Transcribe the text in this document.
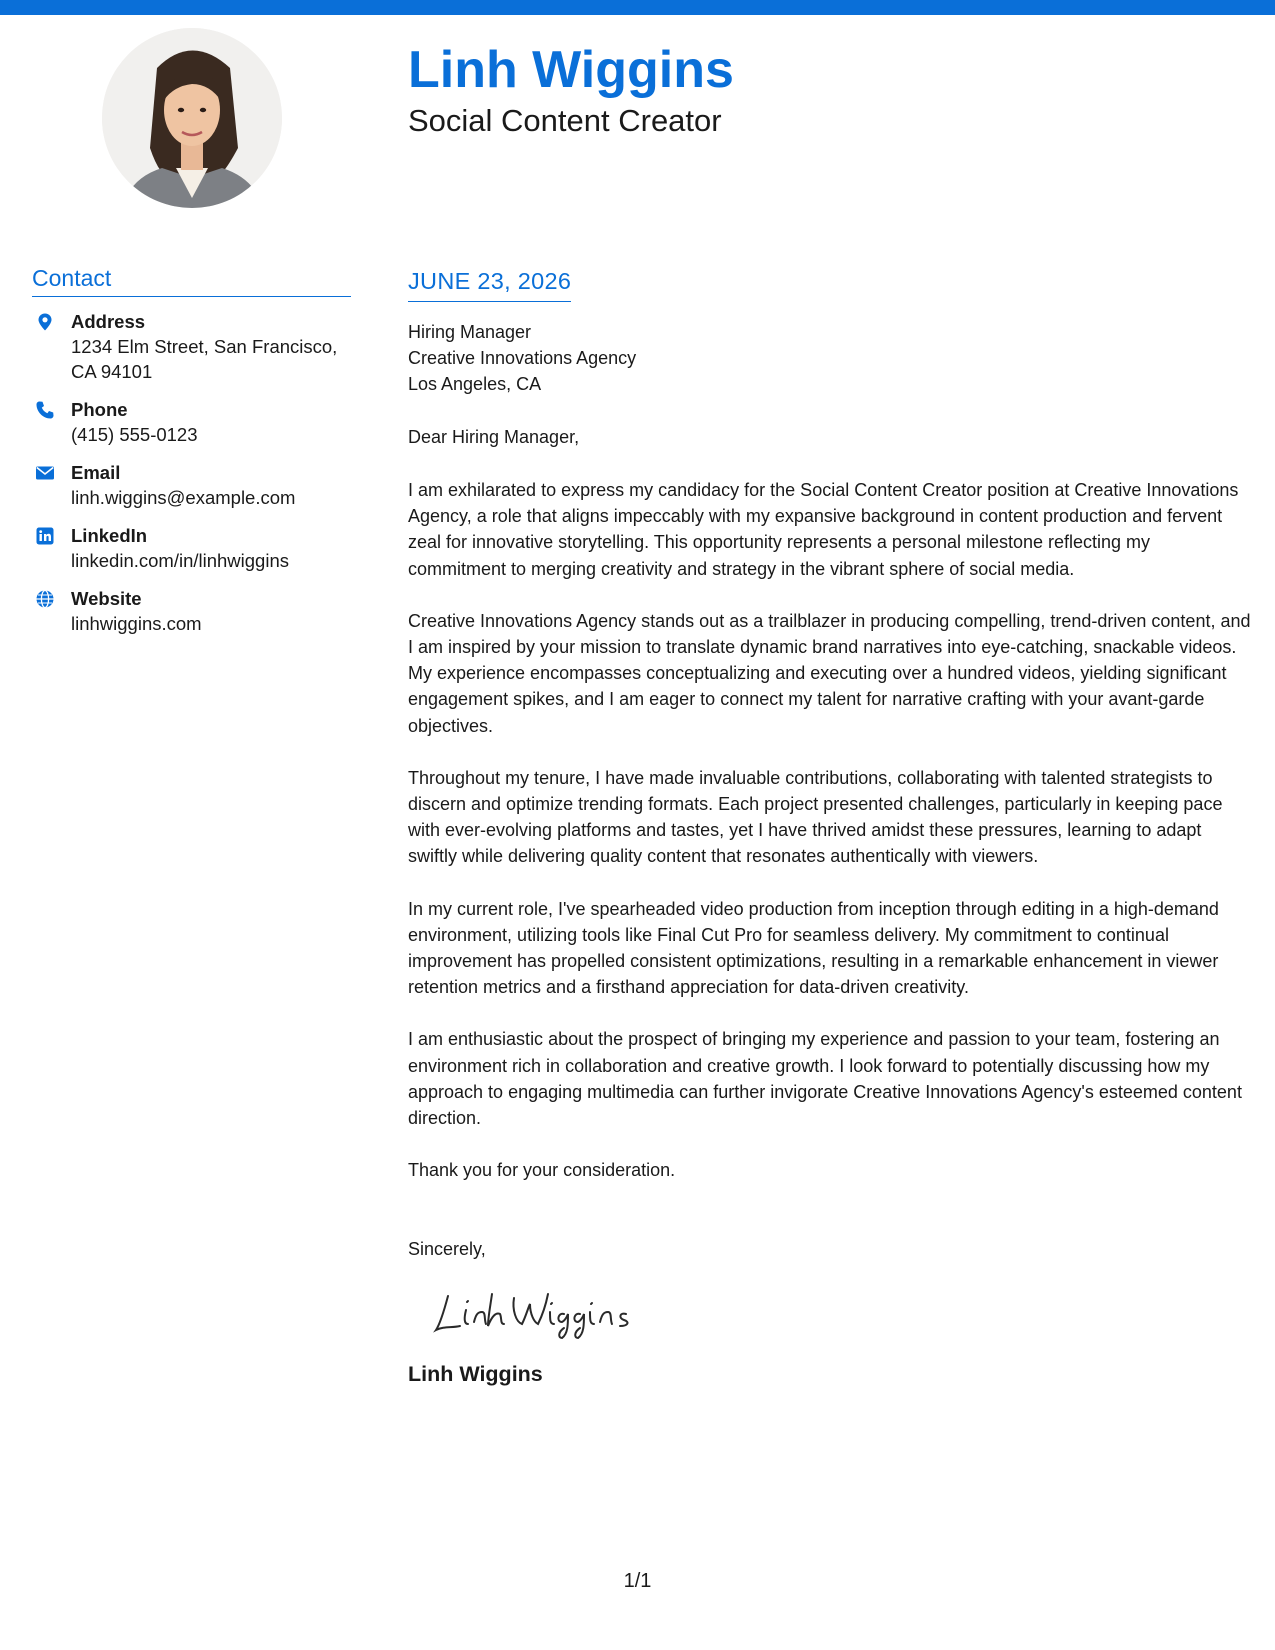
Linh Wiggins
Social Content Creator
Contact
Address
1234 Elm Street, San Francisco,
CA 94101
Phone
(415) 555-0123
Email
linh.wiggins@example.com
LinkedIn
linkedin.com/in/linhwiggins
Website
linhwiggins.com
JUNE 23, 2026
Hiring Manager
Creative Innovations Agency
Los Angeles, CA
Dear Hiring Manager,

I am exhilarated to express my candidacy for the Social Content Creator position at Creative Innovations Agency, a role that aligns impeccably with my expansive background in content production and fervent zeal for innovative storytelling. This opportunity represents a personal milestone reflecting my commitment to merging creativity and strategy in the vibrant sphere of social media.

Creative Innovations Agency stands out as a trailblazer in producing compelling, trend-driven content, and I am inspired by your mission to translate dynamic brand narratives into eye-catching, snackable videos. My experience encompasses conceptualizing and executing over a hundred videos, yielding significant engagement spikes, and I am eager to connect my talent for narrative crafting with your avant-garde objectives.

Throughout my tenure, I have made invaluable contributions, collaborating with talented strategists to discern and optimize trending formats. Each project presented challenges, particularly in keeping pace with ever-evolving platforms and tastes, yet I have thrived amidst these pressures, learning to adapt swiftly while delivering quality content that resonates authentically with viewers.

In my current role, I've spearheaded video production from inception through editing in a high-demand environment, utilizing tools like Final Cut Pro for seamless delivery. My commitment to continual improvement has propelled consistent optimizations, resulting in a remarkable enhancement in viewer retention metrics and a firsthand appreciation for data-driven creativity.

I am enthusiastic about the prospect of bringing my experience and passion to your team, fostering an environment rich in collaboration and creative growth. I look forward to potentially discussing how my approach to engaging multimedia can further invigorate Creative Innovations Agency's esteemed content direction.

Thank you for your consideration.
Sincerely,
Linh Wiggins
1/1
